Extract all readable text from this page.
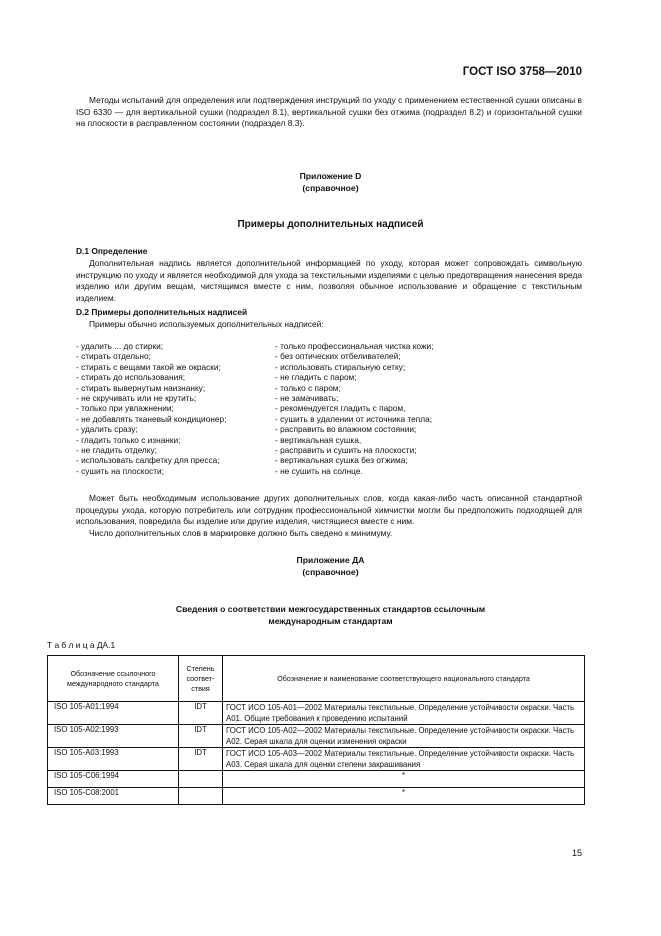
ГОСТ ISO 3758—2010

Методы испытаний для определения или подтверждения инструкций по уходу с применением естественной сушки описаны в ISO 6330 — для вертикальной сушки (подраздел 8.1), вертикальной сушки без отжима (подраздел 8.2) и горизонтальной сушки на плоскости в расправленном состоянии (подраздел 8.3).

Приложение D
(справочное)
Примеры дополнительных надписей
D.1 Определение

Дополнительная надпись является дополнительной информацией по уходу, которая может сопровождать символьную инструкцию по уходу и является необходимой для ухода за текстильными изделиями с целью предотвращения нанесения вреда изделию или другим вещам, чистящимся вместе с ним, позволяя обычное использование и обращение с текстильным изделием.

D.2 Примеры дополнительных надписей

Примеры обычно используемых дополнительных надписей:

- удалить ... до стирки;
- стирать отдельно;
- стирать с вещами такой же окраски;
- стирать до использования;
- стирать вывернутым наизнанку;
- не скручивать или не крутить;
- только при увлажнении;
- не добавлять тканевый кондиционер;
- удалить сразу;
- гладить только с изнанки;
- не гладить отделку;
- использовать салфетку для пресса;
- сушить на плоскости;
- только профессиональная чистка кожи;
- без оптических отбеливателей;
- использовать стиральную сетку;
- не гладить с паром;
- только с паром;
- не замачивать;
- рекомендуется гладить с паром,
- сушить в удалении от источника тепла;
- расправить во влажном состоянии;
- вертикальная сушка,
- расправить и сушить на плоскости;
- вертикальная сушка без отжима;
- не сушить на солнце.

Может быть необходимым использование других дополнительных слов, когда какая-либо часть описанной стандартной процедуры ухода, которую потребитель или сотрудник профессиональной химчистки могли бы предположить подходящей для использования, повредила бы изделие или другие изделия, чистящиеся вместе с ним.

Число дополнительных слов в маркировке должно быть сведено к минимуму.

Приложение ДА
(справочное)
Сведения о соответствии межгосударственных стандартов ссылочным
международным стандартам
Т а б л и ц а ДА.1
Обозначение ссылочного международного стандарта	Степень соответ-ствия	Обозначение и наименование соответствующего национального стандарта
ISO 105-A01:1994	IDT	ГОСТ ИСО 105-А01—2002 Материалы текстильные. Определение устойчивости окраски. Часть А01. Общие требования к проведению испытаний
ISO 105-A02:1993	IDT	ГОСТ ИСО 105-А02—2002 Материалы текстильные. Определение устойчивости окраски. Часть А02. Серая шкала для оценки изменения окраски
ISO 105-A03:1993	IDT	ГОСТ ИСО 105-А03—2002 Материалы текстильные. Определение устойчивости окраски. Часть А03. Серая шкала для оценки степени закрашивания
ISO 105-C06:1994		*
ISO 105-C08:2001		*
15
